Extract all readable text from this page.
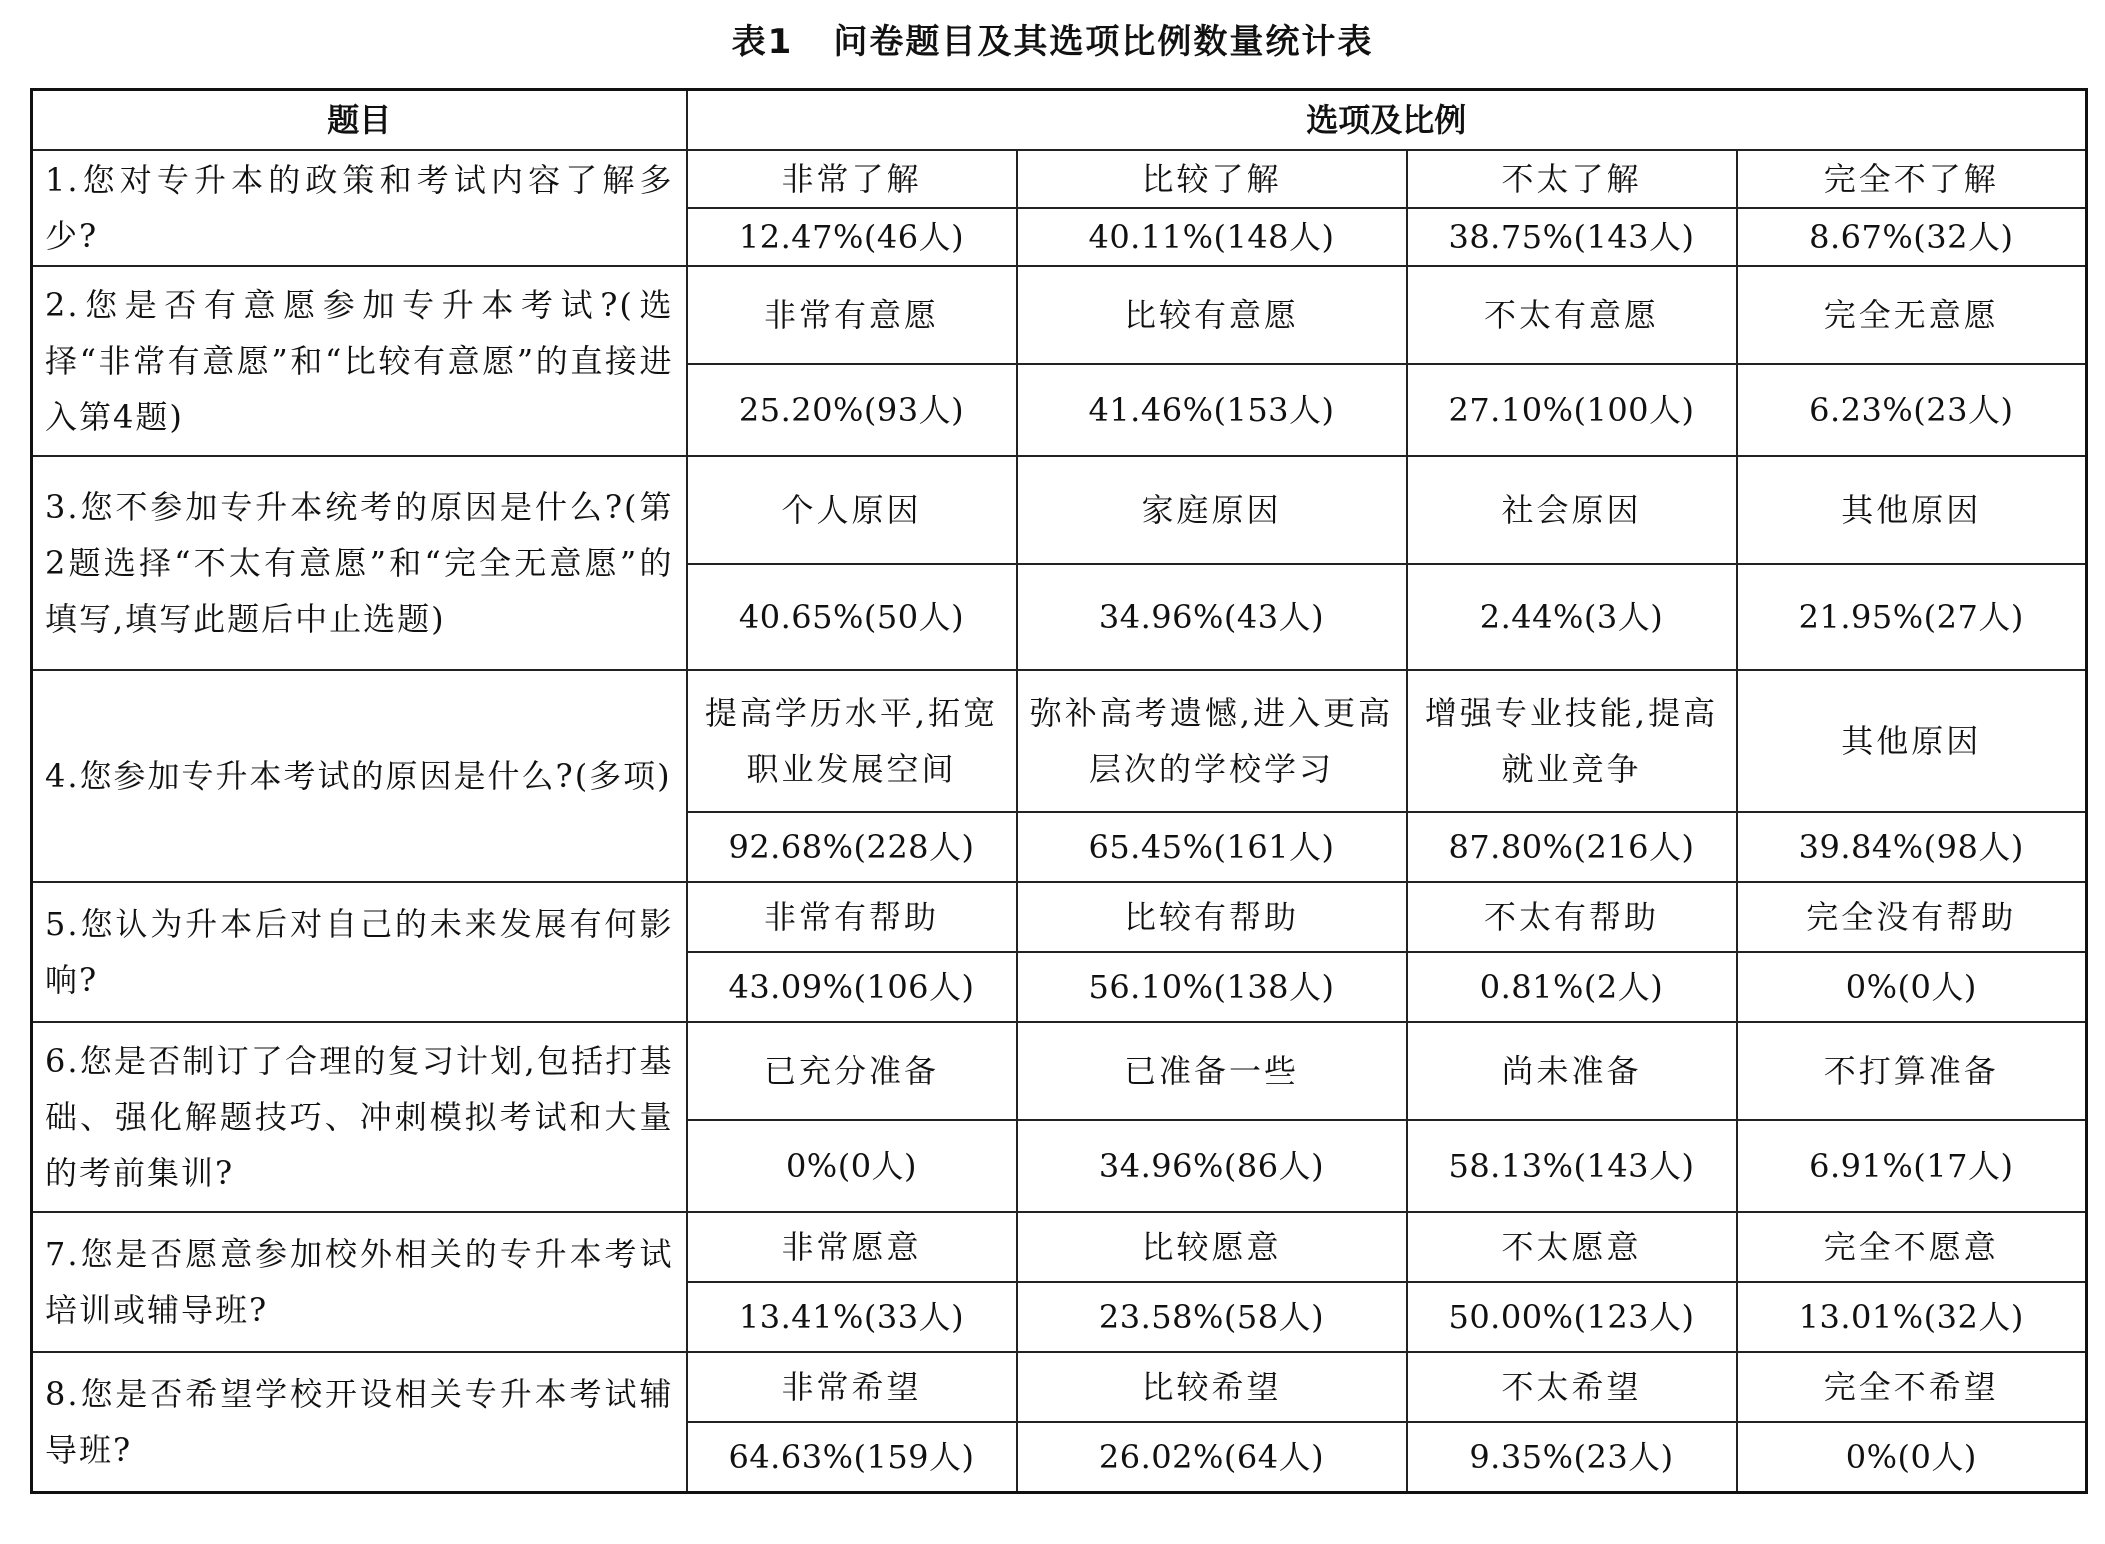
表1 问卷题目及其选项比例数量统计表
题目	选项及比例			
1.您对专升本的政策和考试内容了解多少?	非常了解	比较了解	不太了解	完全不了解
	12.47%(46人)	40.11%(148人)	38.75%(143人)	8.67%(32人)
2.您是否有意愿参加专升本考试?(选择“非常有意愿”和“比较有意愿”的直接进入第4题)	非常有意愿	比较有意愿	不太有意愿	完全无意愿
	25.20%(93人)	41.46%(153人)	27.10%(100人)	6.23%(23人)
3.您不参加专升本统考的原因是什么?(第2题选择“不太有意愿”和“完全无意愿”的填写,填写此题后中止选题)	个人原因	家庭原因	社会原因	其他原因
	40.65%(50人)	34.96%(43人)	2.44%(3人)	21.95%(27人)
4.您参加专升本考试的原因是什么?(多项)	提高学历水平,拓宽职业发展空间	弥补高考遗憾,进入更高层次的学校学习	增强专业技能,提高就业竞争	其他原因
	92.68%(228人)	65.45%(161人)	87.80%(216人)	39.84%(98人)
5.您认为升本后对自己的未来发展有何影响?	非常有帮助	比较有帮助	不太有帮助	完全没有帮助
	43.09%(106人)	56.10%(138人)	0.81%(2人)	0%(0人)
6.您是否制订了合理的复习计划,包括打基础、强化解题技巧、冲刺模拟考试和大量的考前集训?	已充分准备	已准备一些	尚未准备	不打算准备
	0%(0人)	34.96%(86人)	58.13%(143人)	6.91%(17人)
7.您是否愿意参加校外相关的专升本考试培训或辅导班?	非常愿意	比较愿意	不太愿意	完全不愿意
	13.41%(33人)	23.58%(58人)	50.00%(123人)	13.01%(32人)
8.您是否希望学校开设相关专升本考试辅导班?	非常希望	比较希望	不太希望	完全不希望
	64.63%(159人)	26.02%(64人)	9.35%(23人)	0%(0人)
